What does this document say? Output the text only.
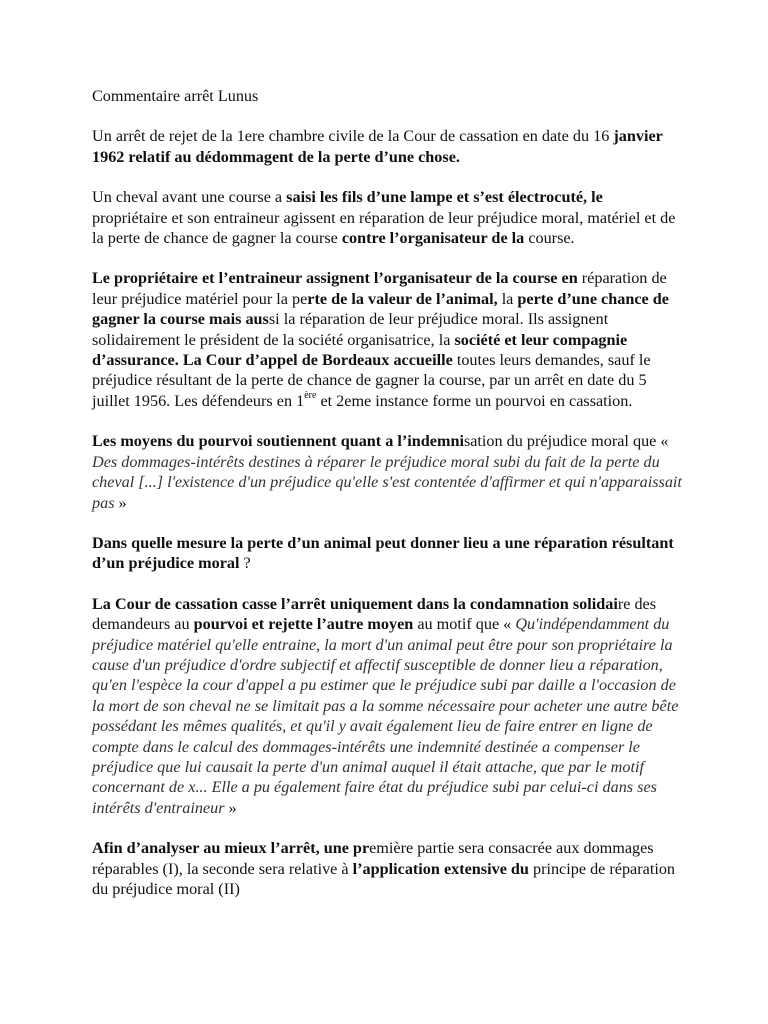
Commentaire arrêt Lunus

Un arrêt de rejet de la 1ere chambre civile de la Cour de cassation en date du 16 janvier 1962 relatif au dédommagent de la perte d’une chose.

Un cheval avant une course a saisi les fils d’une lampe et s’est électrocuté, le propriétaire et son entraineur agissent en réparation de leur préjudice moral, matériel et de la perte de chance de gagner la course contre l’organisateur de la course.

Le propriétaire et l’entraineur assignent l’organisateur de la course en réparation de leur préjudice matériel pour la perte de la valeur de l’animal, la perte d’une chance de gagner la course mais aussi la réparation de leur préjudice moral. Ils assignent solidairement le président de la société organisatrice, la société et leur compagnie d’assurance. La Cour d’appel de Bordeaux accueille toutes leurs demandes, sauf le préjudice résultant de la perte de chance de gagner la course, par un arrêt en date du 5 juillet 1956. Les défendeurs en 1ère et 2eme instance forme un pourvoi en cassation.

Les moyens du pourvoi soutiennent quant a l’indemnisation du préjudice moral que « Des dommages-intérêts destines à réparer le préjudice moral subi du fait de la perte du cheval [...] l'existence d'un préjudice qu'elle s'est contentée d'affirmer et qui n'apparaissait pas »

Dans quelle mesure la perte d’un animal peut donner lieu a une réparation résultant d’un préjudice moral ?

La Cour de cassation casse l’arrêt uniquement dans la condamnation solidaire des demandeurs au pourvoi et rejette l’autre moyen au motif que « Qu'indépendamment du préjudice matériel qu'elle entraine, la mort d'un animal peut être pour son propriétaire la cause d'un préjudice d'ordre subjectif et affectif susceptible de donner lieu a réparation, qu'en l'espèce la cour d'appel a pu estimer que le préjudice subi par daille a l'occasion de la mort de son cheval ne se limitait pas a la somme nécessaire pour acheter une autre bête possédant les mêmes qualités, et qu'il y avait également lieu de faire entrer en ligne de compte dans le calcul des dommages-intérêts une indemnité destinée a compenser le préjudice que lui causait la perte d'un animal auquel il était attache, que par le motif concernant de x... Elle a pu également faire état du préjudice subi par celui-ci dans ses intérêts d'entraineur »

Afin d’analyser au mieux l’arrêt, une première partie sera consacrée aux dommages réparables (I), la seconde sera relative à l’application extensive du principe de réparation du préjudice moral (II)
